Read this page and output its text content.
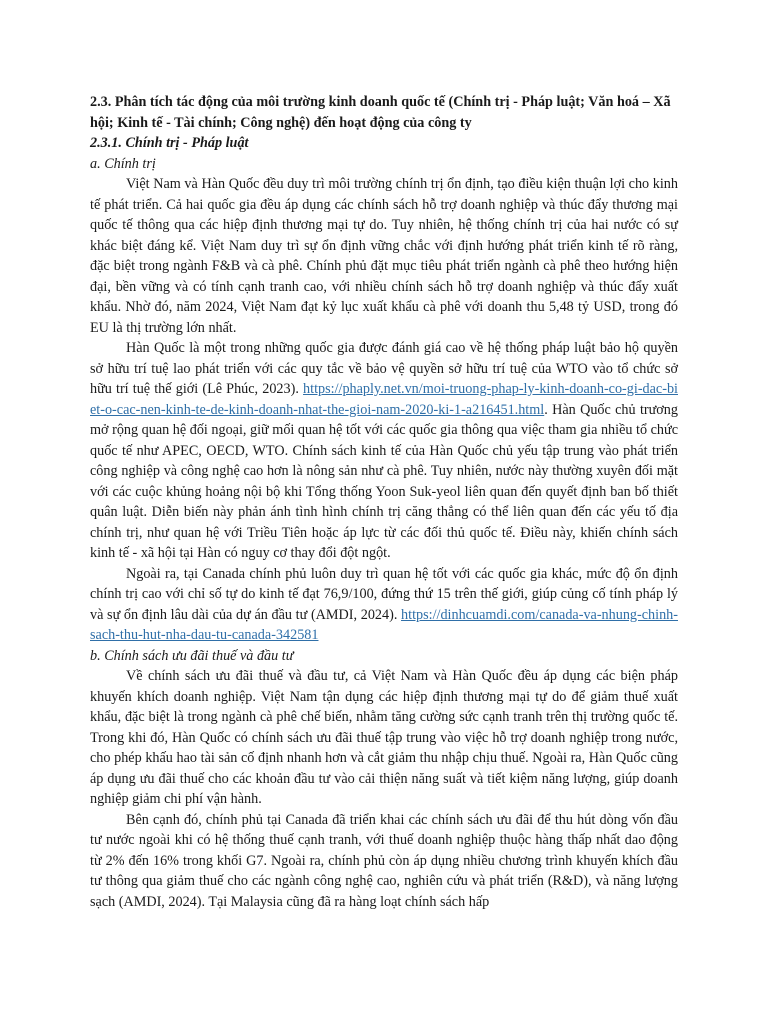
2.3. Phân tích tác động của môi trường kinh doanh quốc tế (Chính trị - Pháp luật; Văn hoá – Xã hội; Kinh tế - Tài chính; Công nghệ) đến hoạt động của công ty

2.3.1. Chính trị - Pháp luật

a. Chính trị

Việt Nam và Hàn Quốc đều duy trì môi trường chính trị ổn định, tạo điều kiện thuận lợi cho kinh tế phát triển. Cả hai quốc gia đều áp dụng các chính sách hỗ trợ doanh nghiệp và thúc đẩy thương mại quốc tế thông qua các hiệp định thương mại tự do. Tuy nhiên, hệ thống chính trị của hai nước có sự khác biệt đáng kể. Việt Nam duy trì sự ổn định vững chắc với định hướng phát triển kinh tế rõ ràng, đặc biệt trong ngành F&B và cà phê. Chính phủ đặt mục tiêu phát triển ngành cà phê theo hướng hiện đại, bền vững và có tính cạnh tranh cao, với nhiều chính sách hỗ trợ doanh nghiệp và thúc đẩy xuất khẩu. Nhờ đó, năm 2024, Việt Nam đạt kỷ lục xuất khẩu cà phê với doanh thu 5,48 tỷ USD, trong đó EU là thị trường lớn nhất.

Hàn Quốc là một trong những quốc gia được đánh giá cao về hệ thống pháp luật bảo hộ quyền sở hữu trí tuệ lao phát triển với các quy tắc về bảo vệ quyền sở hữu trí tuệ của WTO vào tổ chức sở hữu trí tuệ thế giới (Lê Phúc, 2023). https://phaply.net.vn/moi-truong-phap-ly-kinh-doanh-co-gi-dac-biet-o-cac-nen-kinh-te-de-kinh-doanh-nhat-the-gioi-nam-2020-ki-1-a216451.html. Hàn Quốc chủ trương mở rộng quan hệ đối ngoại, giữ mối quan hệ tốt với các quốc gia thông qua việc tham gia nhiều tổ chức quốc tế như APEC, OECD, WTO. Chính sách kinh tế của Hàn Quốc chủ yếu tập trung vào phát triển công nghiệp và công nghệ cao hơn là nông sản như cà phê. Tuy nhiên, nước này thường xuyên đối mặt với các cuộc khủng hoảng nội bộ khi Tổng thống Yoon Suk-yeol liên quan đến quyết định ban bố thiết quân luật. Diễn biến này phản ánh tình hình chính trị căng thẳng có thể liên quan đến các yếu tố địa chính trị, như quan hệ với Triều Tiên hoặc áp lực từ các đối thủ quốc tế. Điều này, khiến chính sách kinh tế - xã hội tại Hàn có nguy cơ thay đổi đột ngột.

Ngoài ra, tại Canada chính phủ luôn duy trì quan hệ tốt với các quốc gia khác, mức độ ổn định chính trị cao với chỉ số tự do kinh tế đạt 76,9/100, đứng thứ 15 trên thế giới, giúp củng cố tính pháp lý và sự ổn định lâu dài của dự án đầu tư (AMDI, 2024). https://dinhcuamdi.com/canada-va-nhung-chinh-sach-thu-hut-nha-dau-tu-canada-342581

b. Chính sách ưu đãi thuế và đầu tư

Về chính sách ưu đãi thuế và đầu tư, cả Việt Nam và Hàn Quốc đều áp dụng các biện pháp khuyến khích doanh nghiệp. Việt Nam tận dụng các hiệp định thương mại tự do để giảm thuế xuất khẩu, đặc biệt là trong ngành cà phê chế biến, nhằm tăng cường sức cạnh tranh trên thị trường quốc tế. Trong khi đó, Hàn Quốc có chính sách ưu đãi thuế tập trung vào việc hỗ trợ doanh nghiệp trong nước, cho phép khấu hao tài sản cố định nhanh hơn và cắt giảm thu nhập chịu thuế. Ngoài ra, Hàn Quốc cũng áp dụng ưu đãi thuế cho các khoản đầu tư vào cải thiện năng suất và tiết kiệm năng lượng, giúp doanh nghiệp giảm chi phí vận hành.

Bên cạnh đó, chính phủ tại Canada đã triển khai các chính sách ưu đãi để thu hút dòng vốn đầu tư nước ngoài khi có hệ thống thuế cạnh tranh, với thuế doanh nghiệp thuộc hàng thấp nhất dao động từ 2% đến 16% trong khối G7. Ngoài ra, chính phủ còn áp dụng nhiều chương trình khuyến khích đầu tư thông qua giảm thuế cho các ngành công nghệ cao, nghiên cứu và phát triển (R&D), và năng lượng sạch (AMDI, 2024). Tại Malaysia cũng đã ra hàng loạt chính sách hấp
